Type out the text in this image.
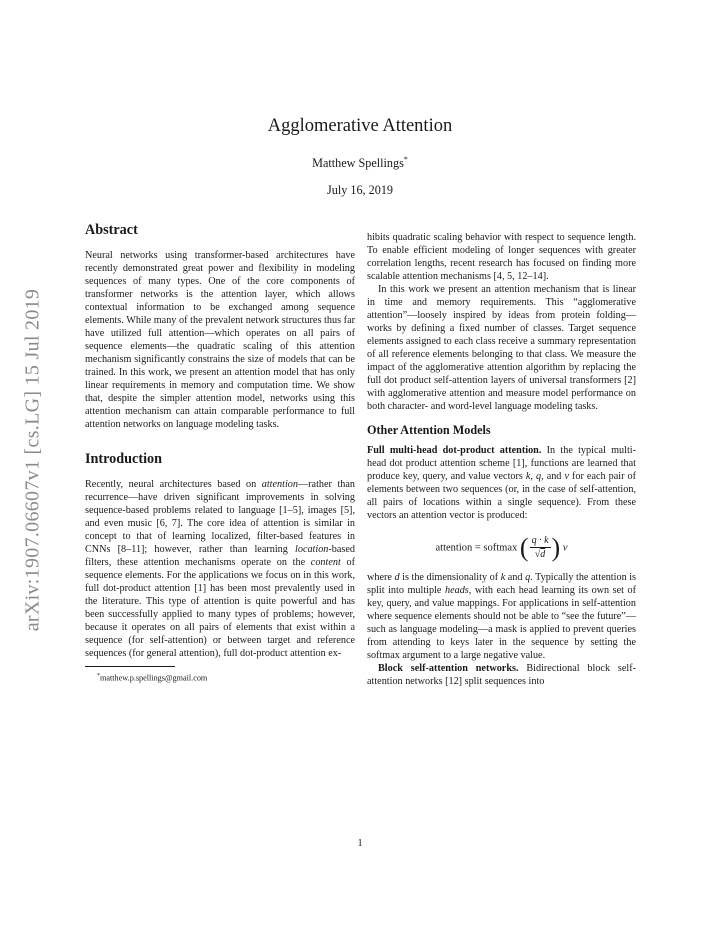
arXiv:1907.06607v1 [cs.LG] 15 Jul 2019
Agglomerative Attention
Matthew Spellings*
July 16, 2019
Abstract

Neural networks using transformer-based architectures have recently demonstrated great power and flexibility in modeling sequences of many types. One of the core components of transformer networks is the attention layer, which allows contextual information to be exchanged among sequence elements. While many of the prevalent network structures thus far have utilized full attention—which operates on all pairs of sequence elements—the quadratic scaling of this attention mechanism significantly constrains the size of models that can be trained. In this work, we present an attention model that has only linear requirements in memory and computation time. We show that, despite the simpler attention model, networks using this attention mechanism can attain comparable performance to full attention networks on language modeling tasks.

Introduction

Recently, neural architectures based on attention—rather than recurrence—have driven significant improvements in solving sequence-based problems related to language [1–5], images [5], and even music [6, 7]. The core idea of attention is similar in concept to that of learning localized, filter-based features in CNNs [8–11]; however, rather than learning location-based filters, these attention mechanisms operate on the content of sequence elements. For the applications we focus on in this work, full dot-product attention [1] has been most prevalently used in the literature. This type of attention is quite powerful and has been successfully applied to many types of problems; however, because it operates on all pairs of elements that exist within a sequence (for self-attention) or between target and reference sequences (for general attention), full dot-product attention ex-

*matthew.p.spellings@gmail.com

hibits quadratic scaling behavior with respect to sequence length. To enable efficient modeling of longer sequences with greater correlation lengths, recent research has focused on finding more scalable attention mechanisms [4, 5, 12–14].

In this work we present an attention mechanism that is linear in time and memory requirements. This “agglomerative attention”—loosely inspired by ideas from protein folding—works by defining a fixed number of classes. Target sequence elements assigned to each class receive a summary representation of all reference elements belonging to that class. We measure the impact of the agglomerative attention algorithm by replacing the full dot product self-attention layers of universal transformers [2] with agglomerative attention and measure model performance on both character- and word-level language modeling tasks.

Other Attention Models

Full multi-head dot-product attention. In the typical multi-head dot product attention scheme [1], functions are learned that produce key, query, and value vectors k, q, and v for each pair of elements between two sequences (or, in the case of self-attention, all pairs of locations within a single sequence). From these vectors an attention vector is produced:

attention = softmax ( $\frac{q \cdot k}{√d}$ ) v

where d is the dimensionality of k and q. Typically the attention is split into multiple heads, with each head learning its own set of key, query, and value mappings. For applications in self-attention where sequence elements should not be able to “see the future”—such as language modeling—a mask is applied to prevent queries from attending to keys later in the sequence by setting the softmax argument to a large negative value.

Block self-attention networks. Bidirectional block self-attention networks [12] split sequences into

1
